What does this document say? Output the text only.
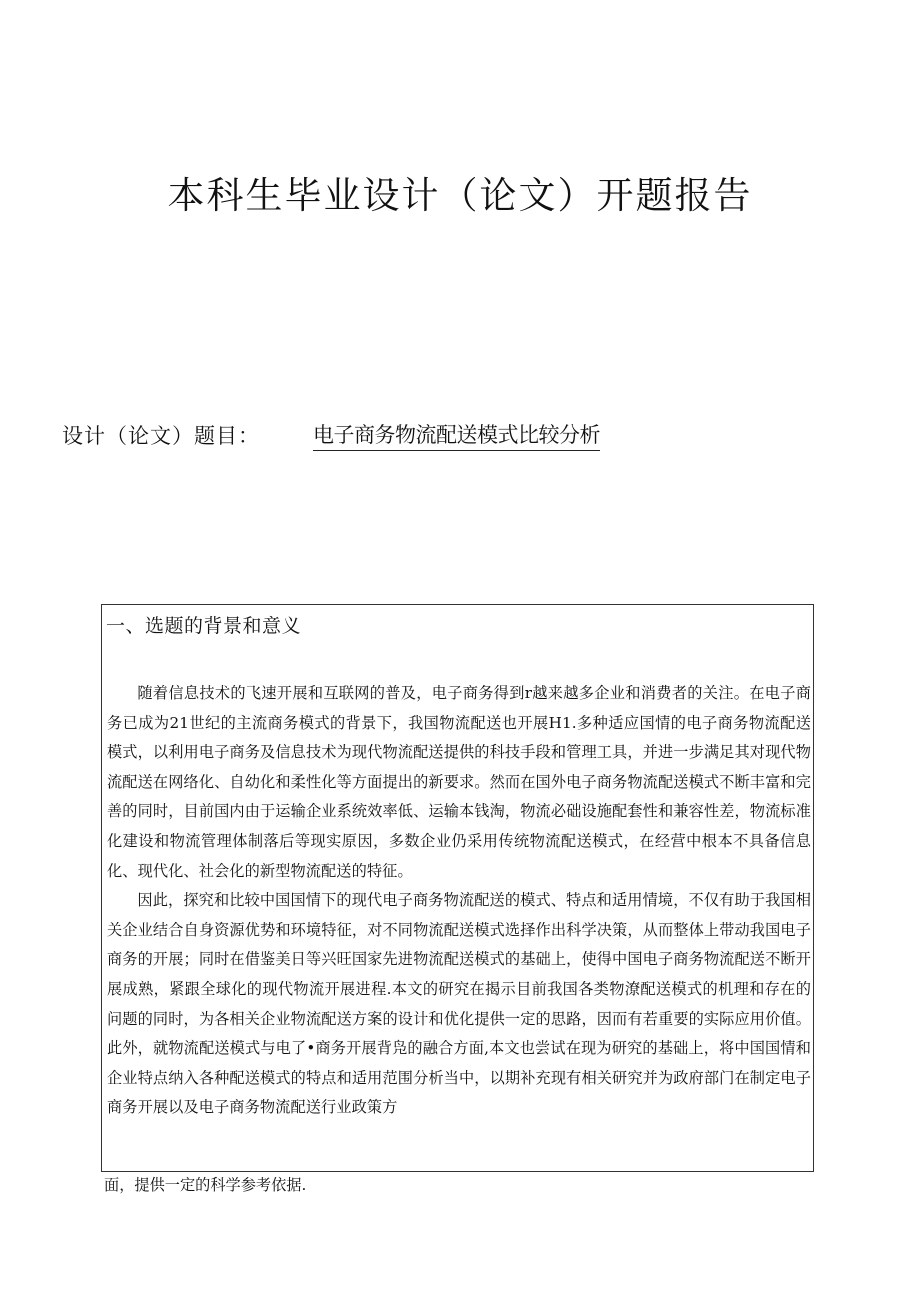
本科生毕业设计（论文）开题报告
设计（论文）题目：	电子商务物流配送模式比较分析
一、选题的背景和意义

随着信息技术的飞速开展和互联网的普及，电子商务得到r越来越多企业和消费者的关注。在电子商务已成为21世纪的主流商务模式的背景下，我国物流配送也开展H1.多种适应国情的电子商务物流配送模式，以利用电子商务及信息技术为现代物流配送提供的科技手段和管理工具，并进一步满足其对现代物流配送在网络化、自幼化和柔性化等方面提出的新要求。然而在国外电子商务物流配送模式不断丰富和完善的同时，目前国内由于运输企业系统效率低、运输本钱淘，物流必础设施配套性和兼容性差，物流标准化建设和物流管理体制落后等现实原因，多数企业仍采用传统物流配送模式，在经营中根本不具备信息化、现代化、社会化的新型物流配送的特征。

因此，探究和比较中国国情下的现代电子商务物流配送的模式、特点和适用情境，不仅有助于我国相关企业结合自身资源优势和环境特征，对不同物流配送模式选择作出科学决策，从而整体上带动我国电子商务的开展；同时在借鉴美日等兴旺国家先进物流配送模式的基础上，使得中国电子商务物流配送不断开展成熟，紧跟全球化的现代物流开展进程.本文的研究在揭示目前我国各类物潦配送模式的机理和存在的问题的同时，为各相关企业物流配送方案的设计和优化提供一定的思路，因而有若重要的实际应用价值。此外，就物流配送模式与电了•商务开展背凫的融合方面,本文也尝试在现为研究的基础上，将中国国情和企业特点纳入各种配送模式的特点和适用范围分析当中，以期补充现有相关研究并为政府部门在制定电子商务开展以及电子商务物流配送行业政策方

面，提供一定的科学参考依据.
